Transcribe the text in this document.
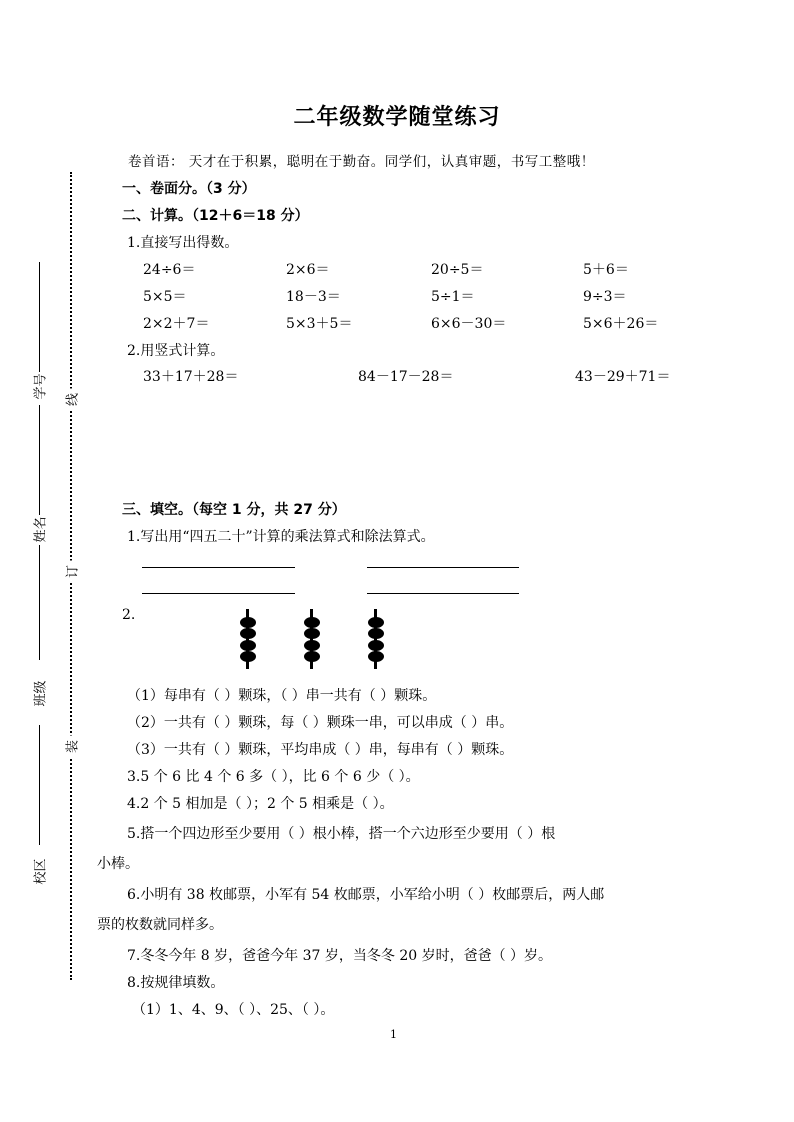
学号
姓名
班级
校区
线
订
装
二年级数学随堂练习
卷首语： 天才在于积累，聪明在于勤奋。同学们，认真审题，书写工整哦！
一、卷面分。（3 分）
二、计算。（12＋6＝18 分）
1.直接写出得数。
24÷6＝	2×6＝	20÷5＝	5＋6＝
5×5＝	18－3＝	5÷1＝	9÷3＝
2×2＋7＝	5×3＋5＝	6×6－30＝	5×6＋26＝
2.用竖式计算。
33＋17＋28＝	84－17－28＝	43－29＋71＝
三、填空。（每空 1 分，共 27 分）
1.写出用“四五二十”计算的乘法算式和除法算式。
2.
（1）每串有（ ）颗珠，（ ）串一共有（ ）颗珠。
（2）一共有（ ）颗珠，每（ ）颗珠一串，可以串成（ ）串。
（3）一共有（ ）颗珠，平均串成（ ）串，每串有（ ）颗珠。
3.5 个 6 比 4 个 6 多（ ），比 6 个 6 少（ ）。
4.2 个 5 相加是（ ）；2 个 5 相乘是（ ）。
5.搭一个四边形至少要用（ ）根小棒，搭一个六边形至少要用（ ）根
小棒。
6.小明有 38 枚邮票，小军有 54 枚邮票，小军给小明（ ）枚邮票后，两人邮
票的枚数就同样多。
7.冬冬今年 8 岁，爸爸今年 37 岁，当冬冬 20 岁时，爸爸（ ）岁。
8.按规律填数。
（1）1、4、9、（ ）、25、（ ）。
1
